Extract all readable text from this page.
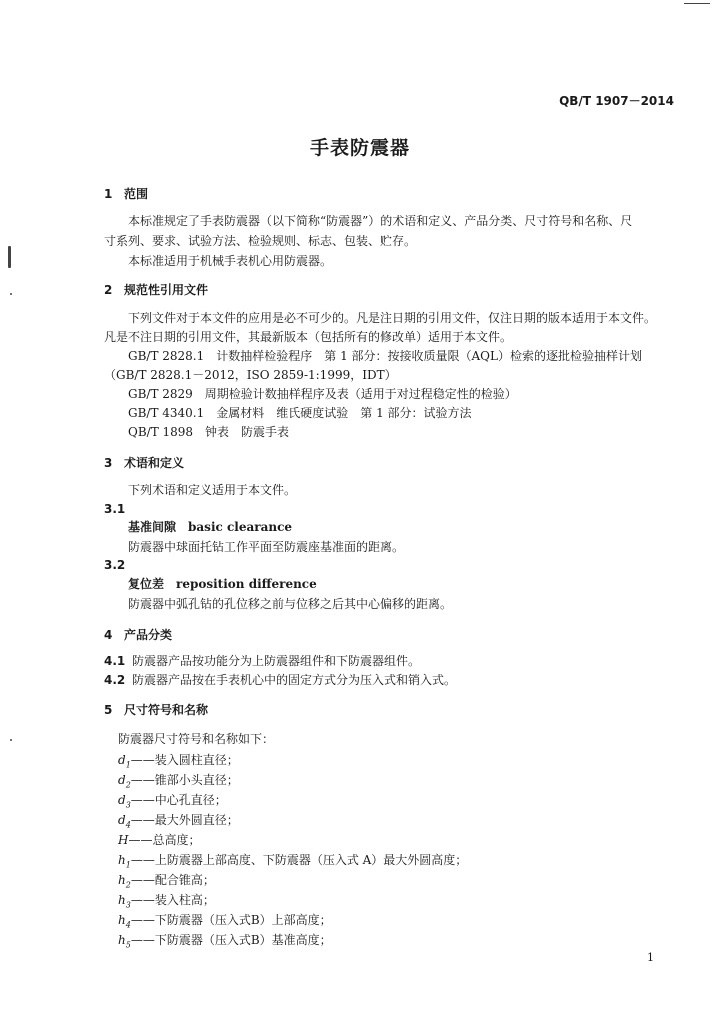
QB/T 1907－2014
手表防震器
1 范围
本标准规定了手表防震器（以下简称“防震器”）的术语和定义、产品分类、尺寸符号和名称、尺
寸系列、要求、试验方法、检验规则、标志、包装、贮存。
本标准适用于机械手表机心用防震器。
2 规范性引用文件
下列文件对于本文件的应用是必不可少的。凡是注日期的引用文件，仅注日期的版本适用于本文件。
凡是不注日期的引用文件，其最新版本（包括所有的修改单）适用于本文件。
GB/T 2828.1　计数抽样检验程序　第 1 部分：按接收质量限（AQL）检索的逐批检验抽样计划
（GB/T 2828.1－2012，ISO 2859-1:1999，IDT）
GB/T 2829　周期检验计数抽样程序及表（适用于对过程稳定性的检验）
GB/T 4340.1　金属材料　维氏硬度试验　第 1 部分：试验方法
QB/T 1898　钟表　防震手表
3 术语和定义
下列术语和定义适用于本文件。
3.1
基准间隙 basic clearance
防震器中球面托钻工作平面至防震座基准面的距离。
3.2
复位差 reposition difference
防震器中弧孔钻的孔位移之前与位移之后其中心偏移的距离。
4 产品分类
4.1 防震器产品按功能分为上防震器组件和下防震器组件。
4.2 防震器产品按在手表机心中的固定方式分为压入式和销入式。
5 尺寸符号和名称
防震器尺寸符号和名称如下：
$d_1——$装入圆柱直径；
$d_2——$锥部小头直径；
$d_3——$中心孔直径；
$d_4——$最大外圆直径；
H——总高度；
$h_1——$上防震器上部高度、下防震器（压入式 A）最大外圆高度；
$h_2——$配合锥高；
$h_3——$装入柱高；
$h_4——$下防震器（压入式B）上部高度；
$h_5——$下防震器（压入式B）基准高度；
1
